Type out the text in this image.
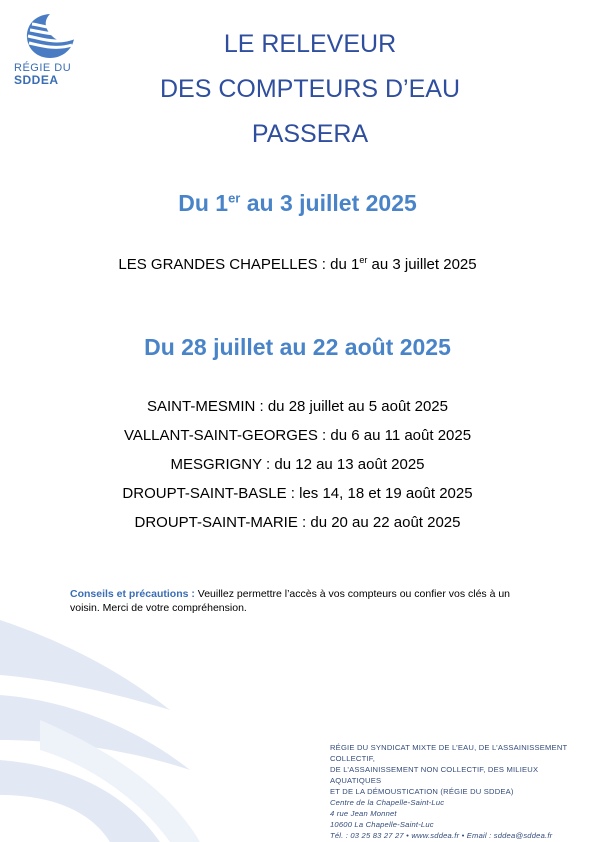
RÉGIE DU
SDDEA
LE RELEVEUR
DES COMPTEURS D’EAU
PASSERA
Du 1er au 3 juillet 2025
LES GRANDES CHAPELLES : du 1er au 3 juillet 2025
Du 28 juillet au 22 août 2025
SAINT-MESMIN : du 28 juillet au 5 août 2025
VALLANT-SAINT-GEORGES : du 6 au 11 août 2025
MESGRIGNY : du 12 au 13 août 2025
DROUPT-SAINT-BASLE : les 14, 18 et 19 août 2025
DROUPT-SAINT-MARIE : du 20 au 22 août 2025
Conseils et précautions : Veuillez permettre l’accès à vos compteurs ou confier vos clés à un voisin. Merci de votre compréhension.
RÉGIE DU SYNDICAT MIXTE DE L’EAU, DE L’ASSAINISSEMENT COLLECTIF,
DE L’ASSAINISSEMENT NON COLLECTIF, DES MILIEUX AQUATIQUES
ET DE LA DÉMOUSTICATION (RÉGIE DU SDDEA)
Centre de la Chapelle-Saint-Luc
4 rue Jean Monnet
10600 La Chapelle-Saint-Luc
Tél. : 03 25 83 27 27 • www.sddea.fr • Email : sddea@sddea.fr
